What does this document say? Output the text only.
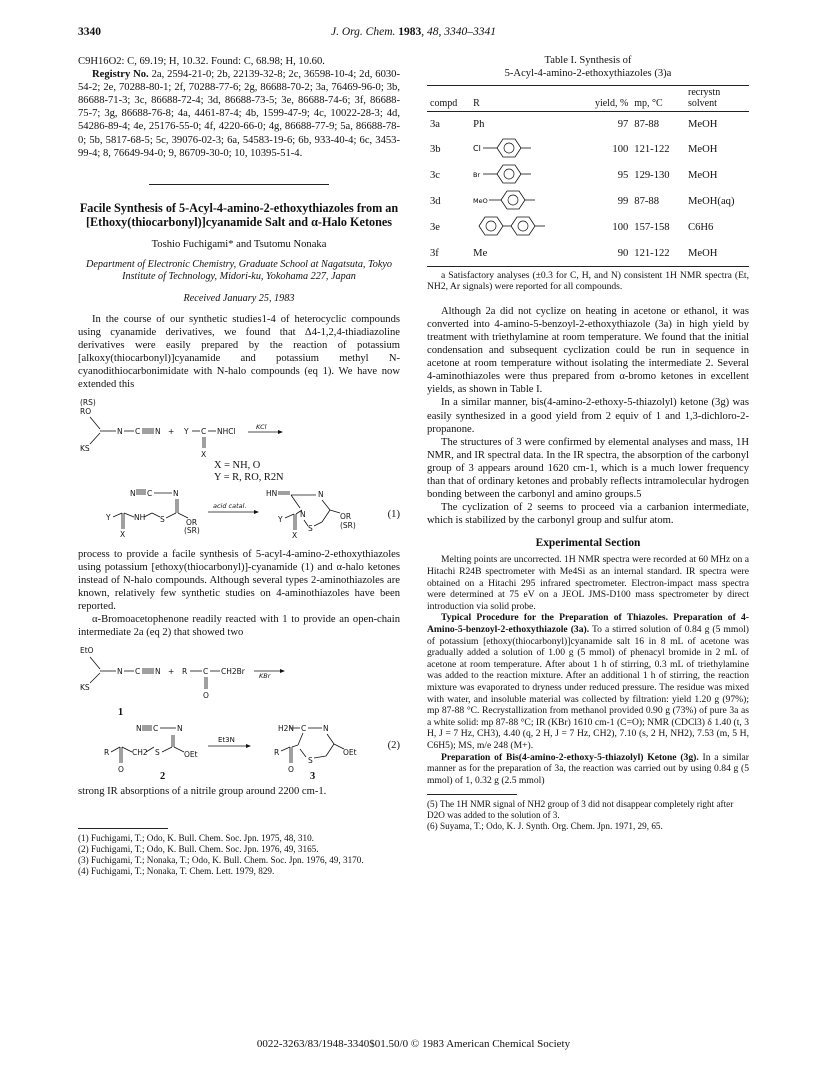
3340	J. Org. Chem. 1983, 48, 3340–3341

C9H16O2: C, 69.19; H, 10.32. Found: C, 68.98; H, 10.60.

Registry No. 2a, 2594-21-0; 2b, 22139-32-8; 2c, 36598-10-4; 2d, 6030-54-2; 2e, 70288-80-1; 2f, 70288-77-6; 2g, 86688-70-2; 3a, 76469-96-0; 3b, 86688-71-3; 3c, 86688-72-4; 3d, 86688-73-5; 3e, 86688-74-6; 3f, 86688-75-7; 3g, 86688-76-8; 4a, 4461-87-4; 4b, 1599-47-9; 4c, 10022-28-3; 4d, 54286-89-4; 4e, 25176-55-0; 4f, 4220-66-0; 4g, 86688-77-9; 5a, 86688-78-0; 5b, 5817-68-5; 5c, 39076-02-3; 6a, 54583-19-6; 6b, 933-40-4; 6c, 3453-99-4; 8, 76649-94-0; 9, 86709-30-0; 10, 10395-51-4.

Facile Synthesis of 5-Acyl-4-amino-2-ethoxythiazoles from an [Ethoxy(thiocarbonyl)]cyanamide Salt and α-Halo Ketones
Toshio Fuchigami* and Tsutomu Nonaka
Department of Electronic Chemistry, Graduate School at Nagatsuta, Tokyo Institute of Technology, Midori-ku, Yokohama 227, Japan
Received January 25, 1983

In the course of our synthetic studies1-4 of heterocyclic compounds using cyanamide derivatives, we found that Δ4-1,2,4-thiadiazoline derivatives were easily prepared by the reaction of potassium [alkoxy(thiocarbonyl)]cyanamide and potassium methyl N-cyanodithiocarbonimidate with N-halo compounds (eq 1). We have now extended this

(RS)
RO
KS
N C N + Y C NHCl
X
KCl
X = NH, O
Y = R, RO, R2N
N C	N
Y
X
NH S	OR
(SR)
acid catal.
HN	N
Y
X
N
S
OR
(SR)
(1)

process to provide a facile synthesis of 5-acyl-4-amino-2-ethoxythiazoles using potassium [ethoxy(thiocarbonyl)]-cyanamide (1) and α-halo ketones instead of N-halo compounds. Although several types 2-aminothiazoles are known, relatively few synthetic studies on 4-aminothiazoles have been reported.

α-Bromoacetophenone readily reacted with 1 to provide an open-chain intermediate 2a (eq 2) that showed two

EtO
KS
N C N + R C CH2Br
O
KBr
1
N C	N
R
O
CH2 S	OEt
Et3N
H2N C N
R
O
S
OEt
2	3
(2)

strong IR absorptions of a nitrile group around 2200 cm-1.

(1) Fuchigami, T.; Odo, K. Bull. Chem. Soc. Jpn. 1975, 48, 310.
(2) Fuchigami, T.; Odo, K. Bull. Chem. Soc. Jpn. 1976, 49, 3165.
(3) Fuchigami, T.; Nonaka, T.; Odo, K. Bull. Chem. Soc. Jpn. 1976, 49, 3170.
(4) Fuchigami, T.; Nonaka, T. Chem. Lett. 1979, 829.
Table I. Synthesis of
5-Acyl-4-amino-2-ethoxythiazoles (3)a

compd	R	yield, %	mp, °C	recrystn solvent
3a	Ph	97	87-88	MeOH
3b	Cl	100	121-122	MeOH
3c	Br	95	129-130	MeOH
3d	MeO	99	87-88	MeOH(aq)
3e		100	157-158	C6H6
3f	Me	90	121-122	MeOH

a Satisfactory analyses (±0.3 for C, H, and N) consistent 1H NMR spectra (Et, NH2, Ar signals) were reported for all compounds.

Although 2a did not cyclize on heating in acetone or ethanol, it was converted into 4-amino-5-benzoyl-2-ethoxythiazole (3a) in high yield by treatment with triethylamine at room temperature. We found that the initial condensation and subsequent cyclization could be run in sequence in acetone at room temperature without isolating the intermediate 2. Several 4-aminothiazoles were thus prepared from α-bromo ketones in excellent yields, as shown in Table I.

In a similar manner, bis(4-amino-2-ethoxy-5-thiazolyl) ketone (3g) was easily synthesized in a good yield from 2 equiv of 1 and 1,3-dichloro-2-propanone.

The structures of 3 were confirmed by elemental analyses and mass, 1H NMR, and IR spectral data. In the IR spectra, the absorption of the carbonyl group of 3 appears around 1620 cm-1, which is a much lower frequency than that of ordinary ketones and probably reflects intramolecular hydrogen bonding between the carbonyl and amino groups.5

The cyclization of 2 seems to proceed via a carbanion intermediate, which is stabilized by the carbonyl group and sulfur atom.

Experimental Section

Melting points are uncorrected. 1H NMR spectra were recorded at 60 MHz on a Hitachi R24B spectrometer with Me4Si as an internal standard. IR spectra were obtained on a Hitachi 295 infrared spectrometer. Electron-impact mass spectra were determined at 75 eV on a JEOL JMS-D100 mass spectrometer by direct introduction via solid probe.

Typical Procedure for the Preparation of Thiazoles. Preparation of 4-Amino-5-benzoyl-2-ethoxythiazole (3a). To a stirred solution of 0.84 g (5 mmol) of potassium [ethoxy(thiocarbonyl)]cyanamide salt 16 in 8 mL of acetone was gradually added a solution of 1.00 g (5 mmol) of phenacyl bromide in 2 mL of acetone at room temperature. After about 1 h of stirring, 0.3 mL of triethylamine was added to the reaction mixture. After an additional 1 h of stirring, the reaction mixture was evaporated to dryness under reduced pressure. The residue was mixed with water, and insoluble material was collected by filtration: yield 1.20 g (97%); mp 87-88 °C. Recrystallization from methanol provided 0.90 g (73%) of pure 3a as a white solid: mp 87-88 °C; IR (KBr) 1610 cm-1 (C=O); NMR (CDCl3) δ 1.40 (t, 3 H, J = 7 Hz, CH3), 4.40 (q, 2 H, J = 7 Hz, CH2), 7.10 (s, 2 H, NH2), 7.53 (m, 5 H, C6H5); MS, m/e 248 (M+).

Preparation of Bis(4-amino-2-ethoxy-5-thiazolyl) Ketone (3g). In a similar manner as for the preparation of 3a, the reaction was carried out by using 0.84 g (5 mmol) of 1, 0.32 g (2.5 mmol)

(5) The 1H NMR signal of NH2 group of 3 did not disappear completely right after D2O was added to the solution of 3.
(6) Suyama, T.; Odo, K. J. Synth. Org. Chem. Jpn. 1971, 29, 65.
0022-3263/83/1948-3340$01.50/0 © 1983 American Chemical Society
